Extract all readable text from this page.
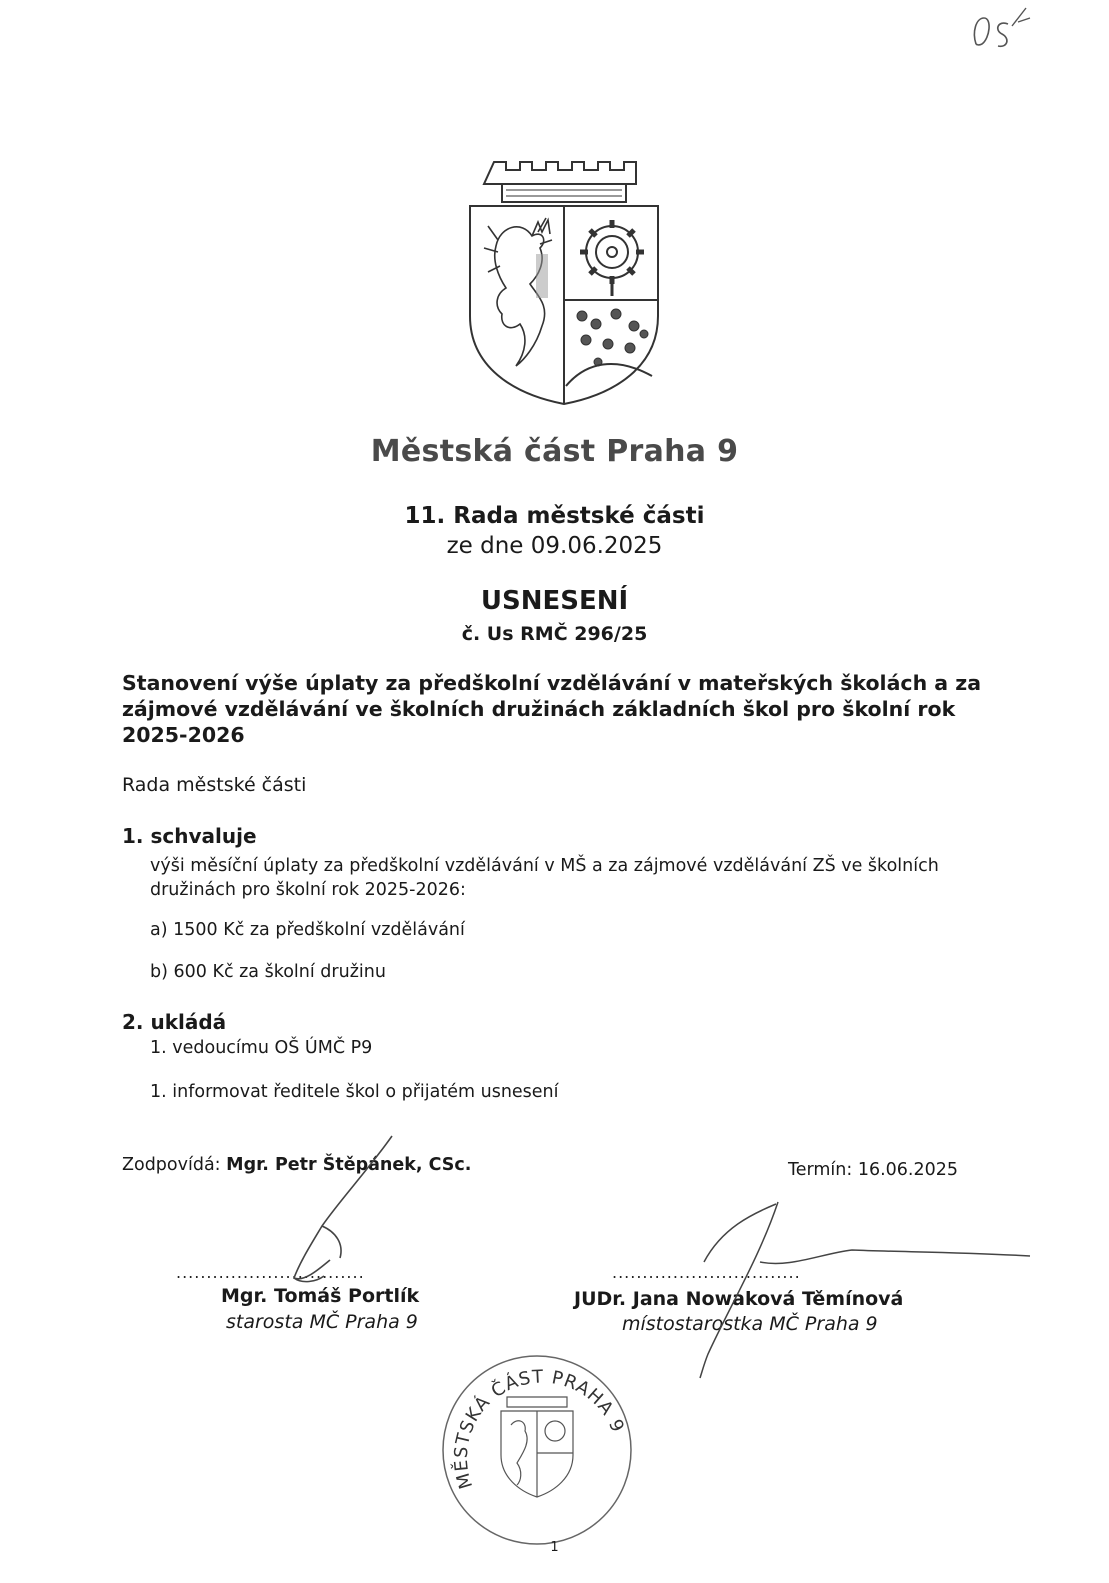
Městská část Praha 9
11. Rada městské části
ze dne 09.06.2025
USNESENÍ
č. Us RMČ 296/25
Stanovení výše úplaty za předškolní vzdělávání v mateřských školách a za zájmové vzdělávání ve školních družinách základních škol pro školní rok 2025-2026
Rada městské části
1. schvaluje
výši měsíční úplaty za předškolní vzdělávání v MŠ a za zájmové vzdělávání ZŠ ve školních družinách pro školní rok 2025-2026:
a) 1500 Kč za předškolní vzdělávání
b) 600 Kč za školní družinu
2. ukládá
1. vedoucímu OŠ ÚMČ P9
1. informovat ředitele škol o přijatém usnesení
Zodpovídá: Mgr. Petr Štěpánek, CSc.	Termín: 16.06.2025
...............................	...............................
Mgr. Tomáš Portlík
starosta MČ Praha 9
JUDr. Jana Nowaková Těmínová
místostarostka MČ Praha 9
MĚSTSKÁ ČÁST PRAHA 9
1
